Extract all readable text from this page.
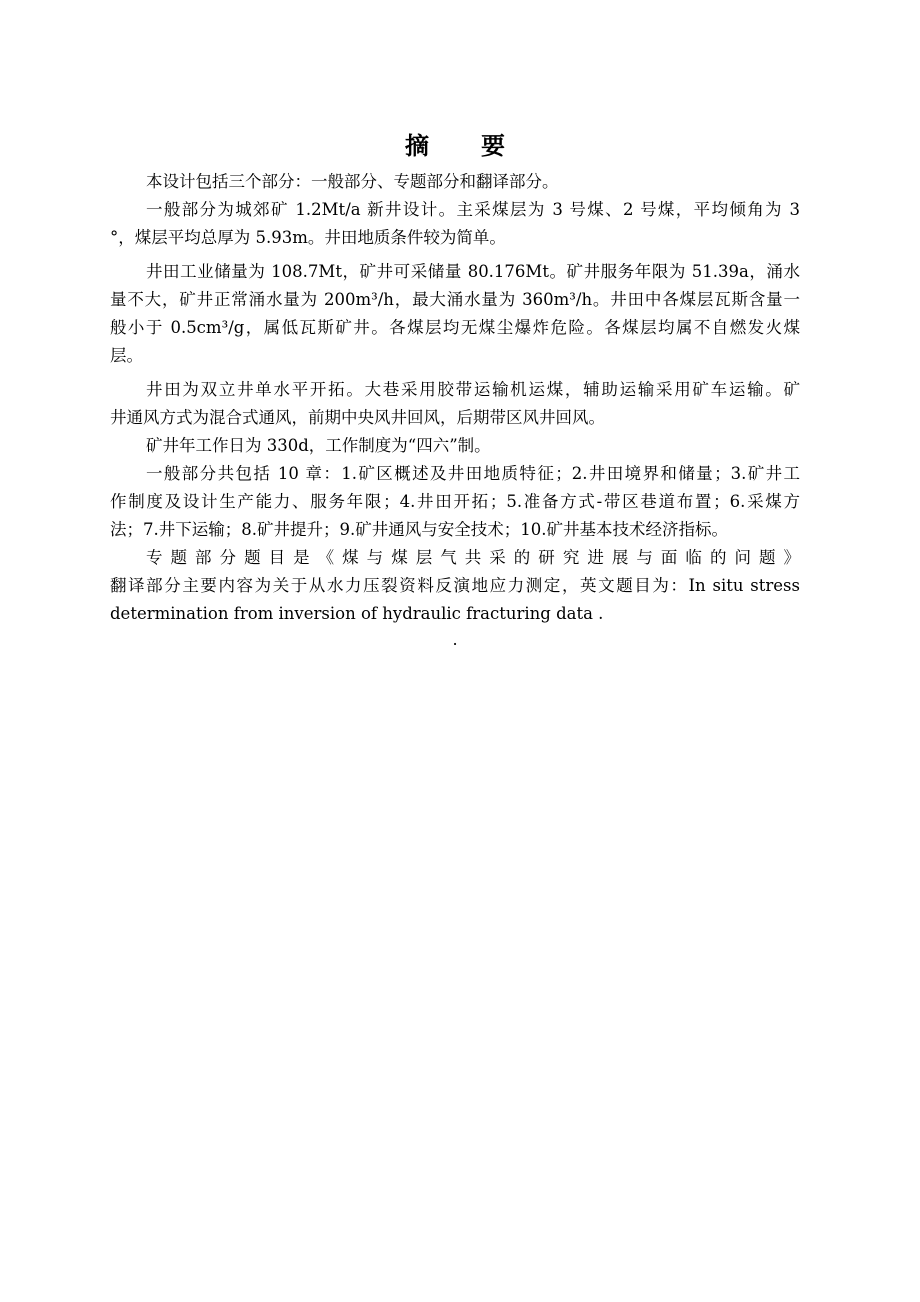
摘　要

本设计包括三个部分：一般部分、专题部分和翻译部分。

一般部分为城郊矿 1.2Mt/a 新井设计。主采煤层为 3 号煤、2 号煤，平均倾角为 3
°，煤层平均总厚为 5.93m。井田地质条件较为简单。

井田工业储量为 108.7Mt，矿井可采储量 80.176Mt。矿井服务年限为 51.39a，涌水
量不大，矿井正常涌水量为 200m³/h，最大涌水量为 360m³/h。井田中各煤层瓦斯含量一
般小于 0.5cm³/g，属低瓦斯矿井。各煤层均无煤尘爆炸危险。各煤层均属不自燃发火煤
层。

井田为双立井单水平开拓。大巷采用胶带运输机运煤，辅助运输采用矿车运输。矿
井通风方式为混合式通风，前期中央风井回风，后期带区风井回风。

矿井年工作日为 330d，工作制度为“四六”制。

一般部分共包括 10 章：1.矿区概述及井田地质特征；2.井田境界和储量；3.矿井工
作制度及设计生产能力、服务年限；4.井田开拓；5.准备方式-带区巷道布置；6.采煤方
法；7.井下运输；8.矿井提升；9.矿井通风与安全技术；10.矿井基本技术经济指标。

专题部分题目是《煤与煤层气共采的研究进展与面临的问题》
翻译部分主要内容为关于从水力压裂资料反演地应力测定，英文题目为：In situ stress
determination from inversion of hydraulic fracturing data .

.
